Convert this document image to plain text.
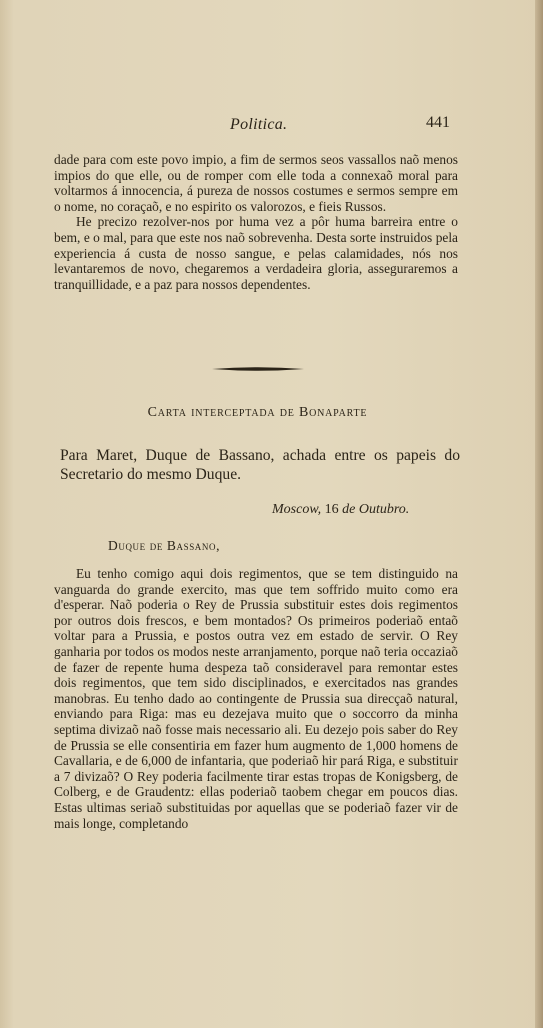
Politica.	441

dade para com este povo impio, a fim de sermos seos vassallos naõ menos impios do que elle, ou de romper com elle toda a connexaõ moral para voltarmos á innocencia, á pureza de nossos costumes e sermos sempre em o nome, no coraçaõ, e no espirito os valorozos, e fieis Russos.

He precizo rezolver-nos por huma vez a pôr huma barreira entre o bem, e o mal, para que este nos naõ sobrevenha. Desta sorte instruidos pela experiencia á custa de nosso sangue, e pelas calamidades, nós nos levantaremos de novo, chegaremos a verdadeira gloria, asseguraremos a tranquillidade, e a paz para nossos dependentes.

Carta interceptada de Bonaparte
Para Maret, Duque de Bassano, achada entre os papeis do Secretario do mesmo Duque.
Moscow, 16 de Outubro.
Duque de Bassano,

Eu tenho comigo aqui dois regimentos, que se tem distinguido na vanguarda do grande exercito, mas que tem soffrido muito como era d'esperar. Naõ poderia o Rey de Prussia substituir estes dois regimentos por outros dois frescos, e bem montados? Os primeiros poderiaõ entaõ voltar para a Prussia, e postos outra vez em estado de servir. O Rey ganharia por todos os modos neste arranjamento, porque naõ teria occaziaõ de fazer de repente huma despeza taõ consideravel para remontar estes dois regimentos, que tem sido disciplinados, e exercitados nas grandes manobras. Eu tenho dado ao contingente de Prussia sua direcçaõ natural, enviando para Riga: mas eu dezejava muito que o soccorro da minha septima divizaõ naõ fosse mais necessario ali. Eu dezejo pois saber do Rey de Prussia se elle consentiria em fazer hum augmento de 1,000 homens de Cavallaria, e de 6,000 de infantaria, que poderiaõ hir pará Riga, e substituir a 7 divizaõ? O Rey poderia facilmente tirar estas tropas de Konigsberg, de Colberg, e de Graudentz: ellas poderiaõ taobem chegar em poucos dias. Estas ultimas seriaõ substituidas por aquellas que se poderiaõ fazer vir de mais longe, completando
